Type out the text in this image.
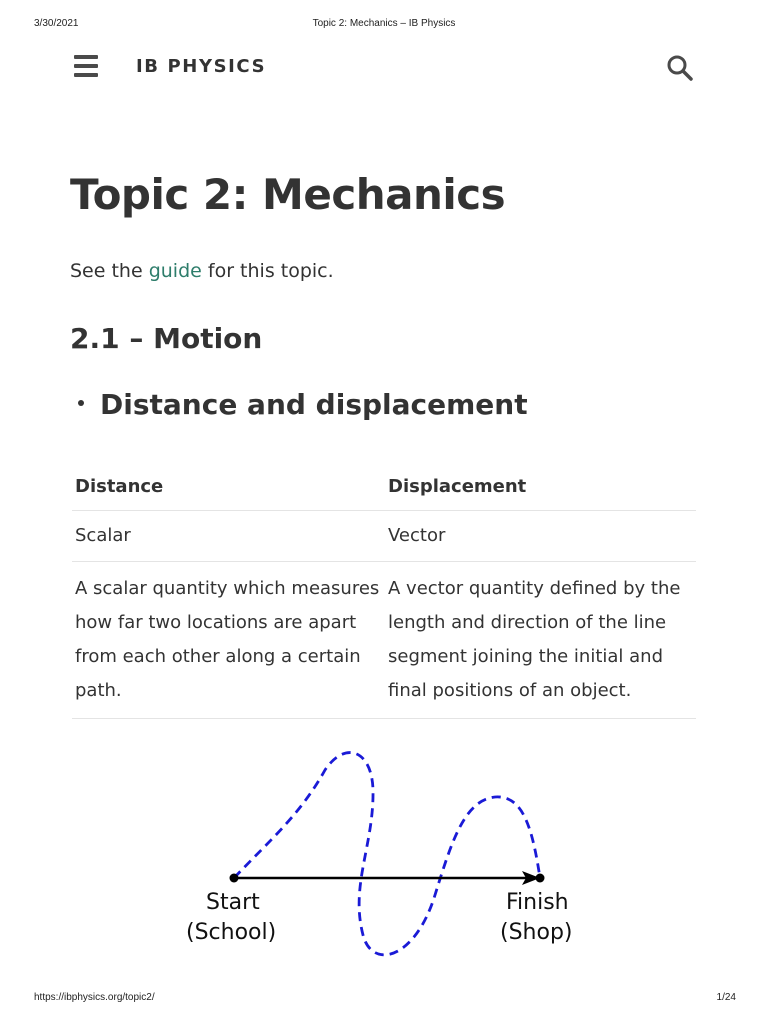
3/30/2021	Topic 2: Mechanics – IB Physics
IB PHYSICS
Topic 2: Mechanics

See the guide for this topic.

2.1 – Motion
Distance and displacement
Distance	Displacement
Scalar	Vector
A scalar quantity which measures how far two locations are apart from each other along a certain path.	A vector quantity defined by the length and direction of the line segment joining the initial and final positions of an object.
Start
(School)
Finish
(Shop)
https://ibphysics.org/topic2/	1/24
